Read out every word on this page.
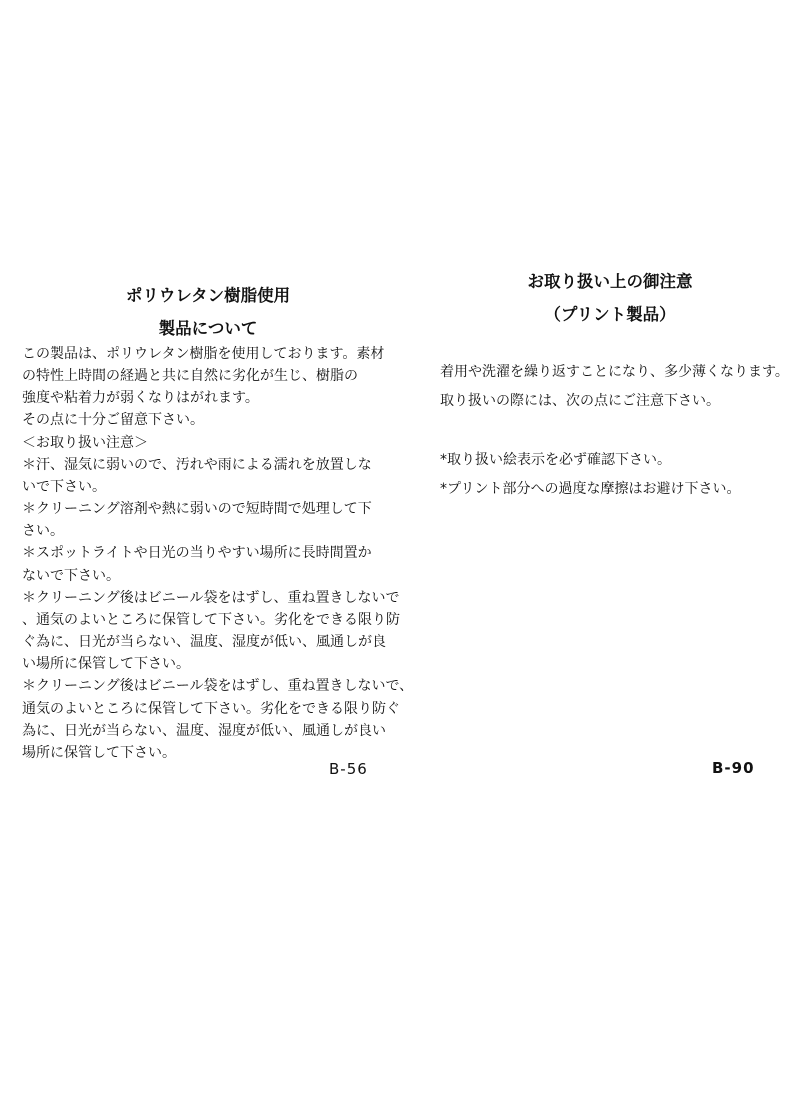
ポリウレタン樹脂使用
製品について
この製品は、ポリウレタン樹脂を使用しております。素材
の特性上時間の経過と共に自然に劣化が生じ、樹脂の
強度や粘着力が弱くなりはがれます。
その点に十分ご留意下さい。
＜お取り扱い注意＞
＊汗、湿気に弱いので、汚れや雨による濡れを放置しな
いで下さい。
＊クリーニング溶剤や熱に弱いので短時間で処理して下
さい。
＊スポットライトや日光の当りやすい場所に長時間置か
ないで下さい。
＊クリーニング後はビニール袋をはずし、重ね置きしないで
、通気のよいところに保管して下さい。劣化をできる限り防
ぐ為に、日光が当らない、温度、湿度が低い、風通しが良
い場所に保管して下さい。
＊クリーニング後はビニール袋をはずし、重ね置きしないで、
通気のよいところに保管して下さい。劣化をできる限り防ぐ
為に、日光が当らない、温度、湿度が低い、風通しが良い
場所に保管して下さい。
B-56
お取り扱い上の御注意
（プリント製品）
着用や洗濯を繰り返すことになり、多少薄くなります。
取り扱いの際には、次の点にご注意下さい。
*取り扱い絵表示を必ず確認下さい。
*プリント部分への過度な摩擦はお避け下さい。
B-90
